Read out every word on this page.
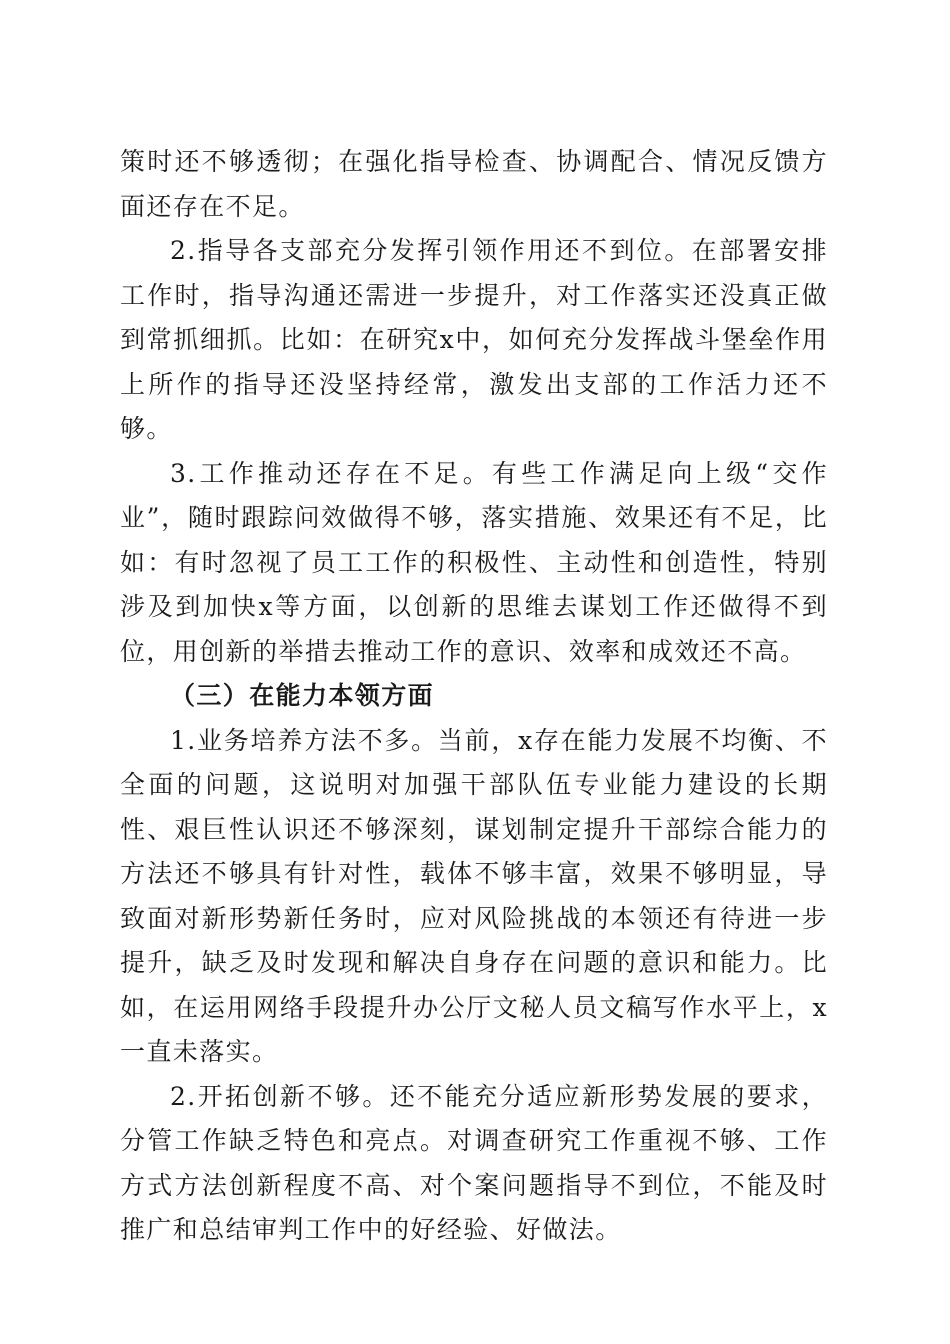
策时还不够透彻；在强化指导检查、协调配合、情况反馈方面还存在不足。

2.指导各支部充分发挥引领作用还不到位。在部署安排工作时，指导沟通还需进一步提升，对工作落实还没真正做到常抓细抓。比如：在研究x中，如何充分发挥战斗堡垒作用上所作的指导还没坚持经常，激发出支部的工作活力还不够。

3.工作推动还存在不足。有些工作满足向上级“交作业”，随时跟踪问效做得不够，落实措施、效果还有不足，比如：有时忽视了员工工作的积极性、主动性和创造性，特别涉及到加快x等方面，以创新的思维去谋划工作还做得不到位，用创新的举措去推动工作的意识、效率和成效还不高。

（三）在能力本领方面

1.业务培养方法不多。当前，x存在能力发展不均衡、不全面的问题，这说明对加强干部队伍专业能力建设的长期性、艰巨性认识还不够深刻，谋划制定提升干部综合能力的方法还不够具有针对性，载体不够丰富，效果不够明显，导致面对新形势新任务时，应对风险挑战的本领还有待进一步提升，缺乏及时发现和解决自身存在问题的意识和能力。比如，在运用网络手段提升办公厅文秘人员文稿写作水平上，x一直未落实。

2.开拓创新不够。还不能充分适应新形势发展的要求，分管工作缺乏特色和亮点。对调查研究工作重视不够、工作方式方法创新程度不高、对个案问题指导不到位，不能及时推广和总结审判工作中的好经验、好做法。
